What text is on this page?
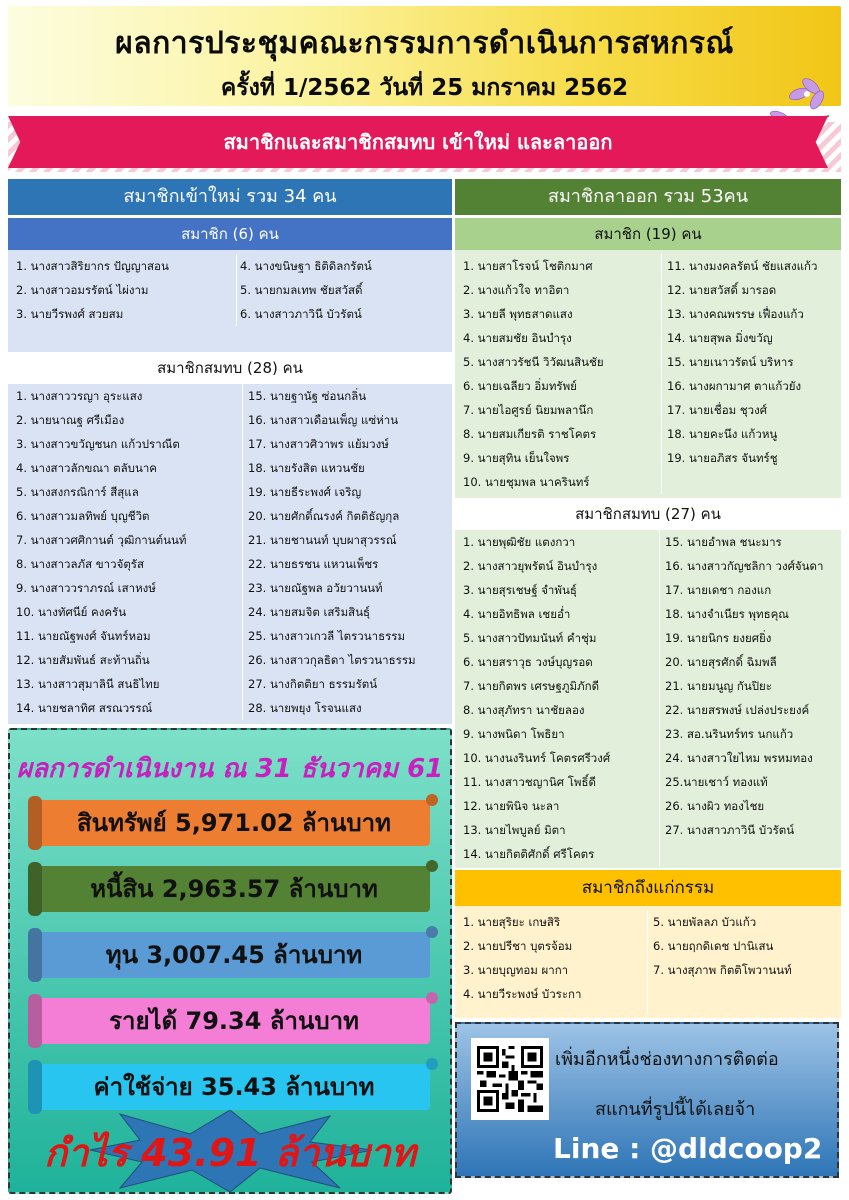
ผลการประชุมคณะกรรมการดำเนินการสหกรณ์
ครั้งที่ 1/2562 วันที่ 25 มกราคม 2562
สมาชิกและสมาชิกสมทบ เข้าใหม่ และลาออก
สมาชิกเข้าใหม่ รวม 34 คน	สมาชิกลาออก รวม 53คน
สมาชิก (6) คน
1. นางสาวสิริยากร ปัญญาสอน
2. นางสาวอมรรัตน์ ไผ่งาม
3. นายวีรพงศ์ สวยสม
4. นางขนิษฐา ธิติดิลกรัตน์
5. นายกมลเทพ ชัยสวัสดิ์
6. นางสาวภาวินี บัวรัตน์
สมาชิกสมทบ (28) คน
1. นางสาววรญา อุระแสง
2. นายนาณฐ ศรีเมือง
3. นางสาวขวัญชนก แก้วปราณีต
4. นางสาวลักขณา ตลับนาค
5. นางสงกรณิการ์ สีสุแล
6. นางสาวมลทิพย์ บุญชีวิต
7. นางสาวศศิกานต์ วุฒิกานต์นนท์
8. นางสาวลภัส ขาวจัตุรัส
9. นางสาววราภรณ์ เสาหงษ์
10. นางทัศนีย์ คงครัน
11. นายณัฐพงศ์ จันทร์หอม
12. นายสัมพันธ์ สะท้านถิ่น
13. นางสาวสุมาลินี สนธิไทย
14. นายชลาทิศ สรณวรรณ์
15. นายฐานัฐ ซ่อนกลิ่น
16. นางสาวเดือนเพ็ญ แซ่ห่าน
17. นางสาวศิวาพร แย้มวงษ์
18. นายรังสิต แหวนชัย
19. นายธีระพงศ์ เจริญ
20. นายศักดิ์ณรงค์ กิตติธัญกุล
21. นายชานนท์ บุบผาสุวรรณ์
22. นายธรชน แหวนเพ็ชร
23. นายณัฐพล อวัยวานนท์
24. นายสมจิต เสริมสินธุ์
25. นางสาวเกวลี ไตรวนาธรรม
26. นางสาวกุลธิดา ไตรวนาธรรม
27. นางกิตติยา ธรรมรัตน์
28. นายพยุง โรจนแสง
สมาชิก (19) คน
1. นายสาโรจน์ โชติกมาศ
2. นางแก้วใจ ทาอิตา
3. นายลี พุทธสาดแสง
4. นายสมชัย อินบำรุง
5. นางสาวรัชนี วิวัฒนสินชัย
6. นายเฉลียว อิ่มทรัพย์
7. นายไอศูรย์ นิยมพลานึก
8. นายสมเกียรติ ราชโคตร
9. นายสุทิน เย็นใจพร
10. นายชุมพล นาครินทร์
11. นางมงคลรัตน์ ชัยแสงแก้ว
12. นายสวัสดิ์ มารอด
13. นางคณพรรษ เฟื่องแก้ว
14. นายสุพล มิ่งขวัญ
15. นายเนาวรัตน์ บริหาร
16. นางผกามาศ ตาแก้วยัง
17. นายเชื่อม ชุวงศ์
18. นายคะนึง แก้วหนู
19. นายอภิสร จันทร์ชู
สมาชิกสมทบ (27) คน
1. นายพุฒิชัย แตงกวา
2. นางสาวยุพรัตน์ อินบำรุง
3. นายสุรเชษฐ์ จำพันธุ์
4. นายอิทธิพล เชยอ่ำ
5. นางสาวปัทมนันท์ คำชุ่ม
6. นายสราวุธ วงษ์บุญรอด
7. นายกิตพร เศรษฐภูมิภักดี
8. นางสุภัทรา นาชัยลอง
9. นางพนิดา โพธิยา
10. นางนงรินทร์ โคตรศรีวงศ์
11. นางสาวชญานิศ โพธิ์ดี
12. นายพินิจ นะลา
13. นายไพบูลย์ มิตา
14. นายกิตติศักดิ์ ศรีโคตร
15. นายอำพล ชนะมาร
16. นางสาวกัญชลิกา วงศ์จันดา
17. นายเดชา กองแก
18. นางจำเนียร พุทธคุณ
19. นายนิกร ยงยศยิ่ง
20. นายสุรศักดิ์ ฉิมพลี
21. นายมนูญ กันปิยะ
22. นายสรพงษ์ เปล่งประยงค์
23. สอ.นรินทร์ทร นกแก้ว
24. นางสาวใยไหม พรหมทอง
25.นายเชาว์ ทองแท้
26. นางผิว ทองไชย
27. นางสาวภาวินี บัวรัตน์
สมาชิกถึงแก่กรรม
1. นายสุริยะ เกษสิริ
2. นายปรีชา บุตรจ้อม
3. นายบุญทอม ผากา
4. นายวีระพงษ์ บัวระกา
5. นายพัลลภ บัวแก้ว
6. นายฤกดิเดช ปานิเสน
7. นางสุภาพ กิตติโพวานนท์
ผลการดำเนินงาน ณ 31 ธันวาคม 61
สินทรัพย์ 5,971.02 ล้านบาท
หนี้สิน 2,963.57 ล้านบาท
ทุน 3,007.45 ล้านบาท
รายได้ 79.34 ล้านบาท
ค่าใช้จ่าย 35.43 ล้านบาท
กำไร 43.91 ล้านบาท
เพิ่มอีกหนึ่งช่องทางการติดต่อ
สแกนที่รูปนี้ได้เลยจ้า
Line : @dldcoop2
